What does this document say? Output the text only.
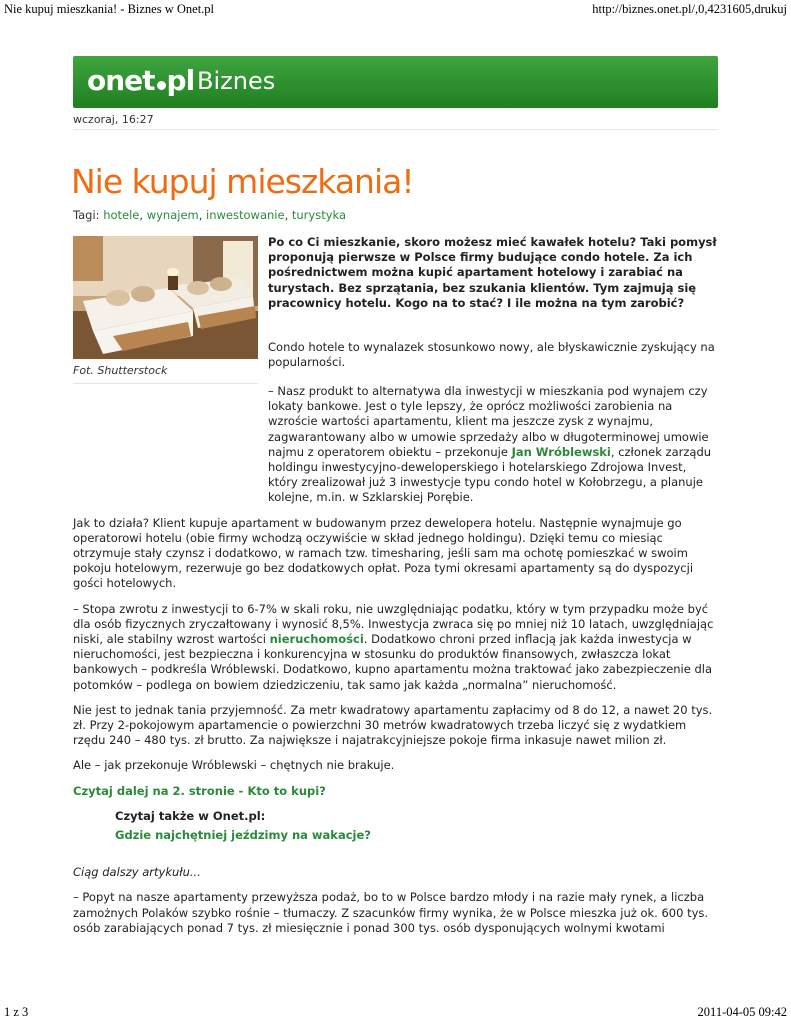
Nie kupuj mieszkania! - Biznes w Onet.pl	http://biznes.onet.pl/,0,4231605,drukuj
onet pl Biznes
wczoraj, 16:27
Nie kupuj mieszkania!
Tagi: hotele, wynajem, inwestowanie, turystyka
Fot. Shutterstock
Po co Ci mieszkanie, skoro możesz mieć kawałek hotelu? Taki pomysł proponują pierwsze w Polsce firmy budujące condo hotele. Za ich pośrednictwem można kupić apartament hotelowy i zarabiać na turystach. Bez sprzątania, bez szukania klientów. Tym zajmują się pracownicy hotelu. Kogo na to stać? I ile można na tym zarobić?
Condo hotele to wynalazek stosunkowo nowy, ale błyskawicznie zyskujący na popularności.

– Nasz produkt to alternatywa dla inwestycji w mieszkania pod wynajem czy lokaty bankowe. Jest o tyle lepszy, że oprócz możliwości zarobienia na wzroście wartości apartamentu, klient ma jeszcze zysk z wynajmu, zagwarantowany albo w umowie sprzedaży albo w długoterminowej umowie najmu z operatorem obiektu – przekonuje Jan Wróblewski, członek zarządu holdingu inwestycyjno-deweloperskiego i hotelarskiego Zdrojowa Invest, który zrealizował już 3 inwestycje typu condo hotel w Kołobrzegu, a planuje kolejne, m.in. w Szklarskiej Porębie.

Jak to działa? Klient kupuje apartament w budowanym przez dewelopera hotelu. Następnie wynajmuje go operatorowi hotelu (obie firmy wchodzą oczywiście w skład jednego holdingu). Dzięki temu co miesiąc otrzymuje stały czynsz i dodatkowo, w ramach tzw. timesharing, jeśli sam ma ochotę pomieszkać w swoim pokoju hotelowym, rezerwuje go bez dodatkowych opłat. Poza tymi okresami apartamenty są do dyspozycji gości hotelowych.

– Stopa zwrotu z inwestycji to 6-7% w skali roku, nie uwzględniając podatku, który w tym przypadku może być dla osób fizycznych zryczałtowany i wynosić 8,5%. Inwestycja zwraca się po mniej niż 10 latach, uwzględniając niski, ale stabilny wzrost wartości nieruchomości. Dodatkowo chroni przed inflacją jak każda inwestycja w nieruchomości, jest bezpieczna i konkurencyjna w stosunku do produktów finansowych, zwłaszcza lokat bankowych – podkreśla Wróblewski. Dodatkowo, kupno apartamentu można traktować jako zabezpieczenie dla potomków – podlega on bowiem dziedziczeniu, tak samo jak każda „normalna” nieruchomość.

Nie jest to jednak tania przyjemność. Za metr kwadratowy apartamentu zapłacimy od 8 do 12, a nawet 20 tys. zł. Przy 2-pokojowym apartamencie o powierzchni 30 metrów kwadratowych trzeba liczyć się z wydatkiem rzędu 240 – 480 tys. zł brutto. Za największe i najatrakcyjniejsze pokoje firma inkasuje nawet milion zł.

Ale – jak przekonuje Wróblewski – chętnych nie brakuje.

Czytaj dalej na 2. stronie - Kto to kupi?

Czytaj także w Onet.pl:

Gdzie najchętniej jeździmy na wakacje?

Ciąg dalszy artykułu...

– Popyt na nasze apartamenty przewyższa podaż, bo to w Polsce bardzo młody i na razie mały rynek, a liczba zamożnych Polaków szybko rośnie – tłumaczy. Z szacunków firmy wynika, że w Polsce mieszka już ok. 600 tys. osób zarabiających ponad 7 tys. zł miesięcznie i ponad 300 tys. osób dysponujących wolnymi kwotami

1 z 3	2011-04-05 09:42
